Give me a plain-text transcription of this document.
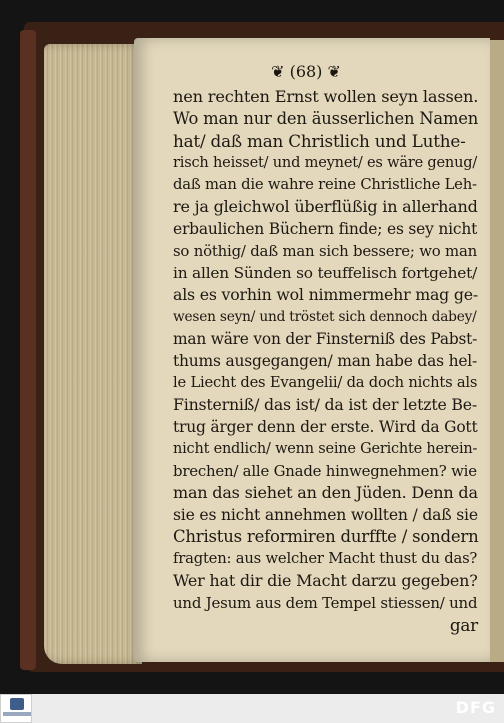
❦ (68) ❦
nen rechten Ernst wollen seyn lassen.
Wo man nur den äusserlichen Namen
hat/ daß man Christlich und Luthe-
risch heisset/ und meynet/ es wäre genug/
daß man die wahre reine Christliche Leh-
re ja gleichwol überflüßig in allerhand
erbaulichen Büchern finde; es sey nicht
so nöthig/ daß man sich bessere; wo man
in allen Sünden so teuffelisch fortgehet/
als es vorhin wol nimmermehr mag ge-
wesen seyn/ und tröstet sich dennoch dabey/
man wäre von der Finsterniß des Pabst-
thums ausgegangen/ man habe das hel-
le Liecht des Evangelii/ da doch nichts als
Finsterniß/ das ist/ da ist der letzte Be-
trug ärger denn der erste. Wird da Gott
nicht endlich/ wenn seine Gerichte herein-
brechen/ alle Gnade hinwegnehmen? wie
man das siehet an den Jüden. Denn da
sie es nicht annehmen wollten / daß sie
Christus reformiren durffte / sondern
fragten: aus welcher Macht thust du das?
Wer hat dir die Macht darzu gegeben?
und Jesum aus dem Tempel stiessen/ und
gar
DFG
